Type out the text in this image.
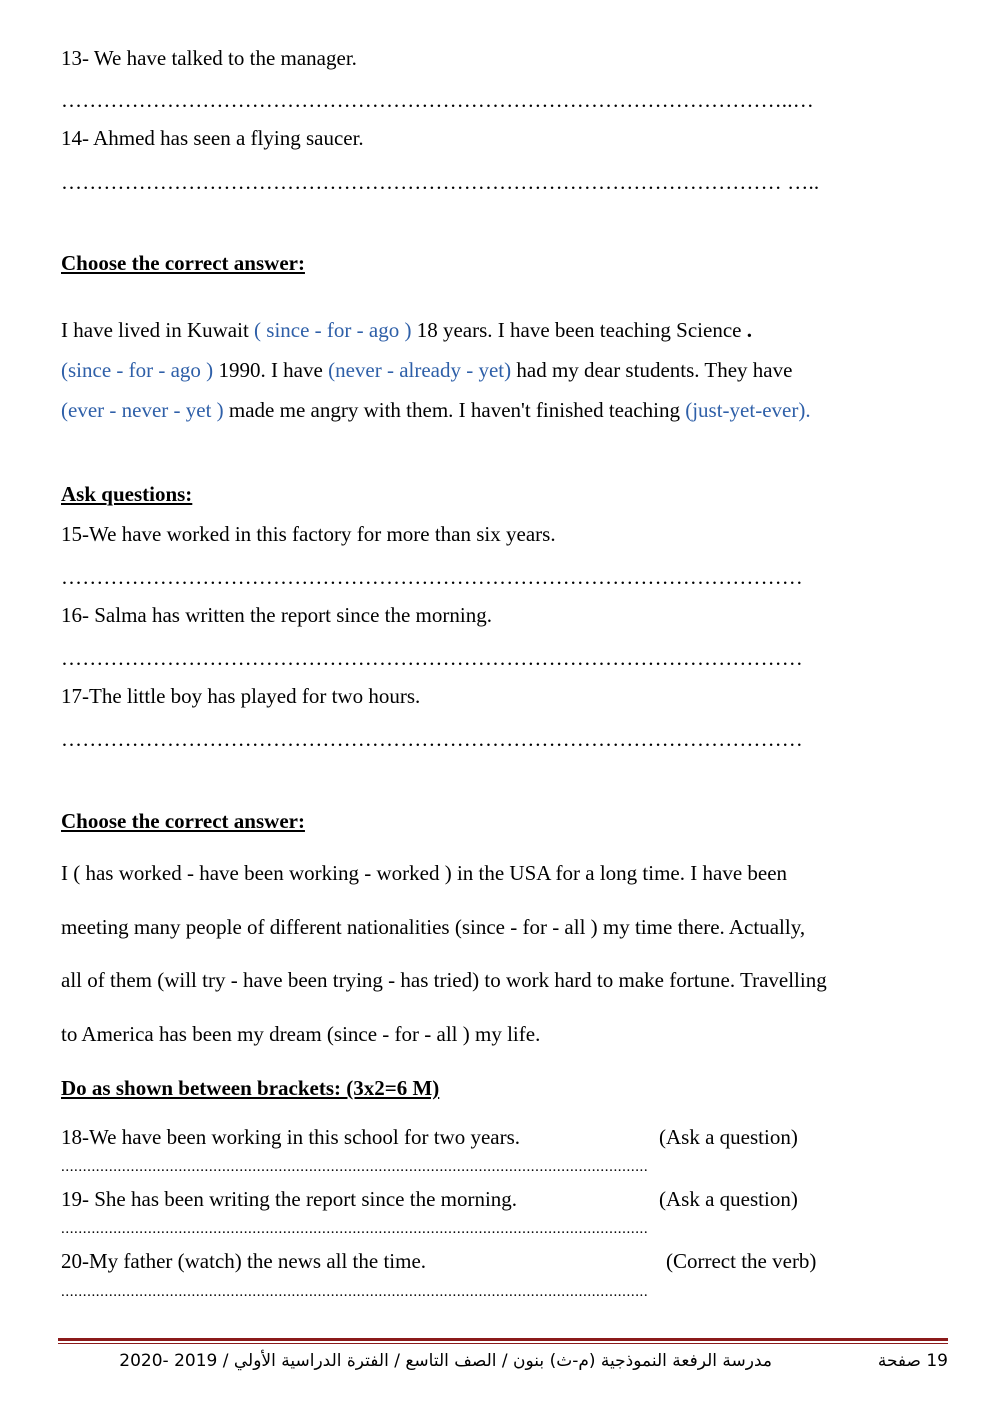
13- We have talked to the manager.
…………………………………………………………………………………………..…
14- Ahmed has seen a flying saucer.
………………………………………………………………………………………… …..
Choose the correct answer:
I have lived in Kuwait ( since - for - ago ) 18 years. I have been teaching Science .
(since - for - ago ) 1990. I have (never - already - yet) had my dear students. They have
(ever - never - yet ) made me angry with them. I haven't finished teaching (just-yet-ever).
Ask questions:
15-We have worked in this factory for more than six years.
……………………………………………………………………………………………
16- Salma has written the report since the morning.
……………………………………………………………………………………………
17-The little boy has played for two hours.
……………………………………………………………………………………………
Choose the correct answer:
I ( has worked - have been working - worked ) in the USA for a long time. I have been
meeting many people of different nationalities (since - for - all ) my time there. Actually,
all of them (will try - have been trying - has tried) to work hard to make fortune. Travelling
to America has been my dream (since - for - all ) my life.
Do as shown between brackets: (3x2=6 M)
18-We have been working in this school for two years.	(Ask a question)
.......................................................................................................................................
19- She has been writing the report since the morning.	(Ask a question)
.......................................................................................................................................
20-My father (watch) the news all the time.	(Correct the verb)
.......................................................................................................................................
مدرسة الرفعة النموذجية (م-ث) بنون / الصف التاسع / الفترة الدراسية الأولي / 2019 -2020	19 صفحة
